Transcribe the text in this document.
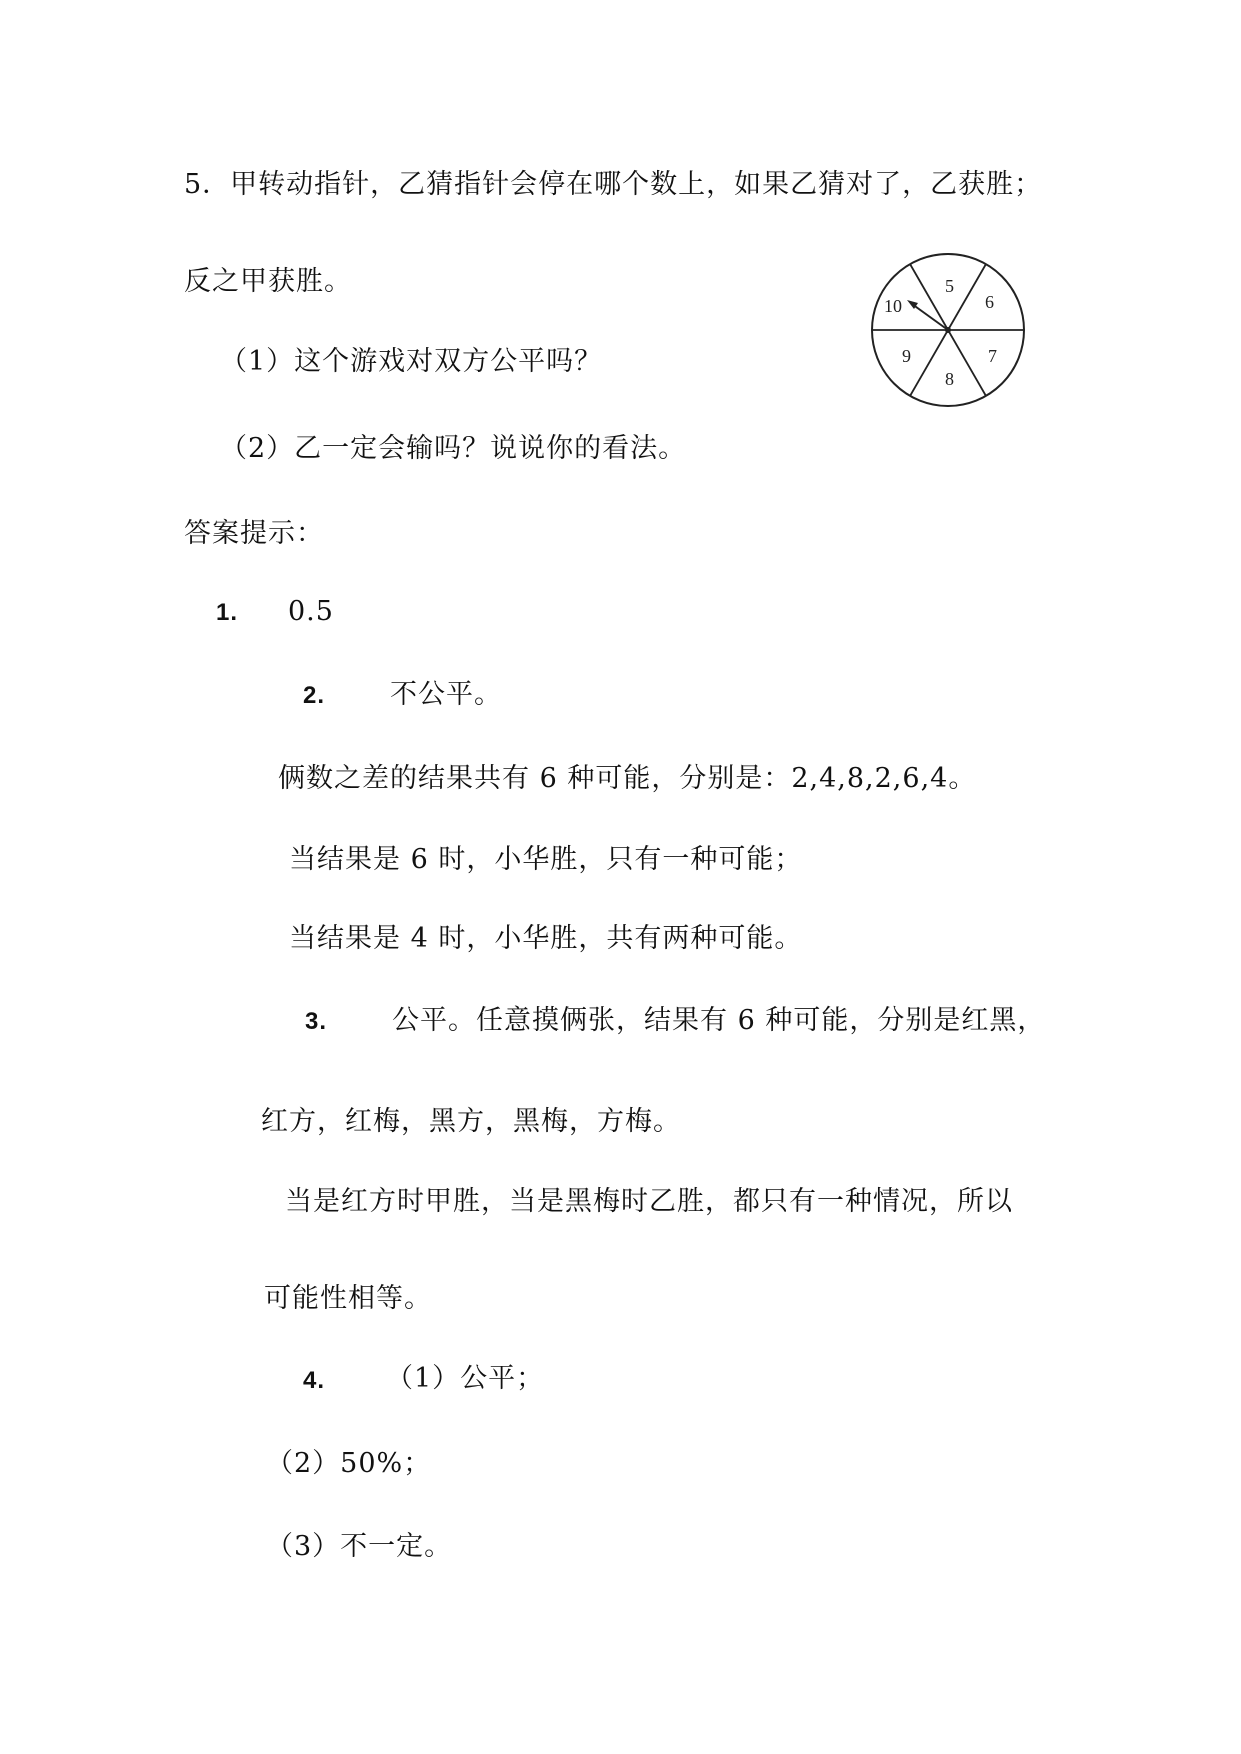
5．甲转动指针，乙猜指针会停在哪个数上，如果乙猜对了，乙获胜；
反之甲获胜。
（1）这个游戏对双方公平吗？
（2）乙一定会输吗？说说你的看法。
5
6
7
8
9
10
答案提示：
1. 0.5
2. 不公平。
俩数之差的结果共有 6 种可能，分别是：2,4,8,2,6,4。
当结果是 6 时，小华胜，只有一种可能；
当结果是 4 时，小华胜，共有两种可能。
3. 公平。任意摸俩张，结果有 6 种可能，分别是红黑，
红方，红梅，黑方，黑梅，方梅。
当是红方时甲胜，当是黑梅时乙胜，都只有一种情况，所以
可能性相等。
4. （1）公平；
（2）50%；
（3）不一定。
